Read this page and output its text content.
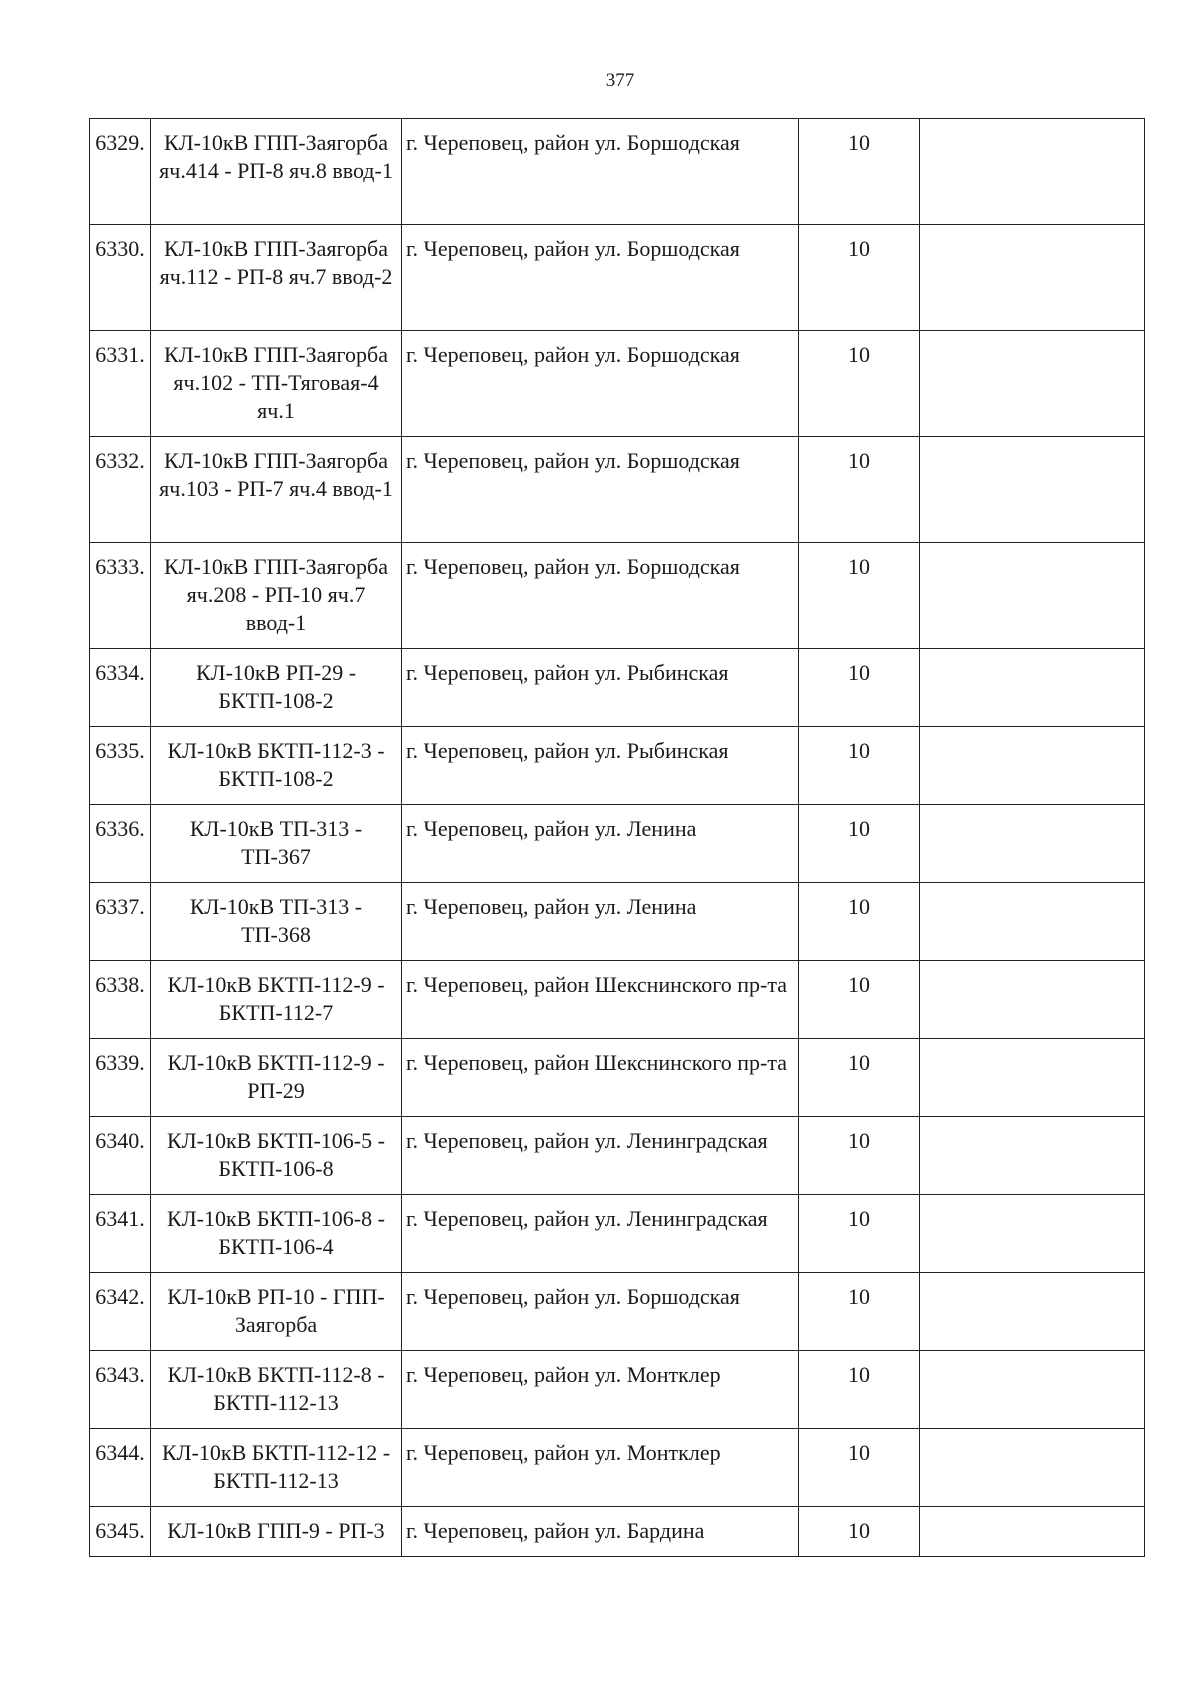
377
6329.	КЛ-10кВ ГПП-Заягорба яч.414 - РП-8 яч.8 ввод-1	г. Череповец, район ул. Боршодская	10	
6330.	КЛ-10кВ ГПП-Заягорба яч.112 - РП-8 яч.7 ввод-2	г. Череповец, район ул. Боршодская	10	
6331.	КЛ-10кВ ГПП-Заягорба яч.102 - ТП-Тяговая-4 яч.1	г. Череповец, район ул. Боршодская	10	
6332.	КЛ-10кВ ГПП-Заягорба яч.103 - РП-7 яч.4 ввод-1	г. Череповец, район ул. Боршодская	10	
6333.	КЛ-10кВ ГПП-Заягорба яч.208 - РП-10 яч.7 ввод-1	г. Череповец, район ул. Боршодская	10	
6334.	КЛ-10кВ РП-29 - БКТП-108-2	г. Череповец, район ул. Рыбинская	10	
6335.	КЛ-10кВ БКТП-112-3 - БКТП-108-2	г. Череповец, район ул. Рыбинская	10	
6336.	КЛ-10кВ ТП-313 - ТП-367	г. Череповец, район ул. Ленина	10	
6337.	КЛ-10кВ ТП-313 - ТП-368	г. Череповец, район ул. Ленина	10	
6338.	КЛ-10кВ БКТП-112-9 - БКТП-112-7	г. Череповец, район Шекснинского пр-та	10	
6339.	КЛ-10кВ БКТП-112-9 - РП-29	г. Череповец, район Шекснинского пр-та	10	
6340.	КЛ-10кВ БКТП-106-5 - БКТП-106-8	г. Череповец, район ул. Ленинградская	10	
6341.	КЛ-10кВ БКТП-106-8 - БКТП-106-4	г. Череповец, район ул. Ленинградская	10	
6342.	КЛ-10кВ РП-10 - ГПП-Заягорба	г. Череповец, район ул. Боршодская	10	
6343.	КЛ-10кВ БКТП-112-8 - БКТП-112-13	г. Череповец, район ул. Монтклер	10	
6344.	КЛ-10кВ БКТП-112-12 - БКТП-112-13	г. Череповец, район ул. Монтклер	10	
6345.	КЛ-10кВ ГПП-9 - РП-3	г. Череповец, район ул. Бардина	10	
